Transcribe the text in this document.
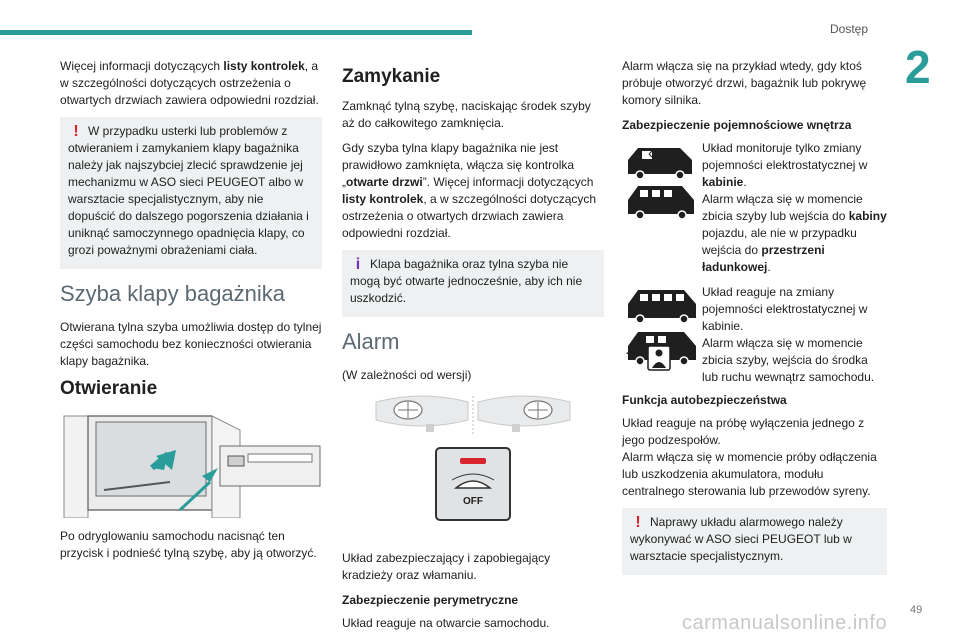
Dostęp
2

Więcej informacji dotyczących listy kontrolek, a w szczególności dotyczących ostrzeżenia o otwartych drzwiach zawiera odpowiedni rozdział.

! W przypadku usterki lub problemów z otwieraniem i zamykaniem klapy bagażnika należy jak najszybciej zlecić sprawdzenie jej mechanizmu w ASO sieci PEUGEOT albo w warsztacie specjalistycznym, aby nie dopuścić do dalszego pogorszenia działania i uniknąć samoczynnego opadnięcia klapy, co grozi poważnymi obrażeniami ciała.
Szyba klapy bagażnika

Otwierana tylna szyba umożliwia dostęp do tylnej części samochodu bez konieczności otwierania klapy bagażnika.

Otwieranie

Po odryglowaniu samochodu nacisnąć ten przycisk i podnieść tylną szybę, aby ją otworzyć.

Zamykanie

Zamknąć tylną szybę, naciskając środek szyby aż do całkowitego zamknięcia.

Gdy szyba tylna klapy bagażnika nie jest prawidłowo zamknięta, włącza się kontrolka „otwarte drzwi”. Więcej informacji dotyczących listy kontrolek, a w szczególności dotyczących ostrzeżenia o otwartych drzwiach zawiera odpowiedni rozdział.

i Klapa bagażnika oraz tylna szyba nie mogą być otwarte jednocześnie, aby ich nie uszkodzić.
Alarm

(W zależności od wersji)

OFF

Układ zabezpieczający i zapobiegający kradzieży oraz włamaniu.

Zabezpieczenie perymetryczne

Układ reaguje na otwarcie samochodu.

Alarm włącza się na przykład wtedy, gdy ktoś próbuje otworzyć drzwi, bagażnik lub pokrywę komory silnika.

Zabezpieczenie pojemnościowe wnętrza
Układ monitoruje tylko zmiany pojemności elektrostatycznej w kabinie.
Alarm włącza się w momencie zbicia szyby lub wejścia do kabiny pojazdu, ale nie w przypadku wejścia do przestrzeni ładunkowej.
+
Układ reaguje na zmiany pojemności elektrostatycznej w kabinie.
Alarm włącza się w momencie zbicia szyby, wejścia do środka lub ruchu wewnątrz samochodu.
Funkcja autobezpieczeństwa

Układ reaguje na próbę wyłączenia jednego z jego podzespołów.

Alarm włącza się w momencie próby odłączenia lub uszkodzenia akumulatora, modułu centralnego sterowania lub przewodów syreny.

! Naprawy układu alarmowego należy wykonywać w ASO sieci PEUGEOT lub w warsztacie specjalistycznym.
49
carmanualsonline.info
